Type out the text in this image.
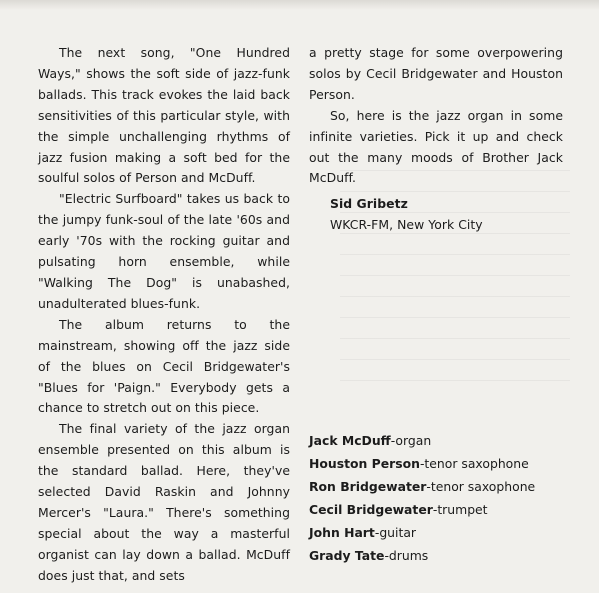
The next song, "One Hundred Ways," shows the soft side of jazz-funk ballads. This track evokes the laid back sensitivities of this particular style, with the simple unchallenging rhythms of jazz fusion making a soft bed for the soulful solos of Person and McDuff.

"Electric Surfboard" takes us back to the jumpy funk-soul of the late '60s and early '70s with the rocking guitar and pulsating horn ensemble, while "Walking The Dog" is unabashed, unadulterated blues-funk.

The album returns to the mainstream, showing off the jazz side of the blues on Cecil Bridgewater's "Blues for 'Paign." Everybody gets a chance to stretch out on this piece.

The final variety of the jazz organ ensemble presented on this album is the standard ballad. Here, they've selected David Raskin and Johnny Mercer's "Laura." There's something special about the way a masterful organist can lay down a ballad. McDuff does just that, and sets

a pretty stage for some overpowering solos by Cecil Bridgewater and Houston Person.

So, here is the jazz organ in some infinite varieties. Pick it up and check out the many moods of Brother Jack McDuff.

Sid Gribetz
WKCR-FM, New York City
Jack McDuff-organ
Houston Person-tenor saxophone
Ron Bridgewater-tenor saxophone
Cecil Bridgewater-trumpet
John Hart-guitar
Grady Tate-drums
